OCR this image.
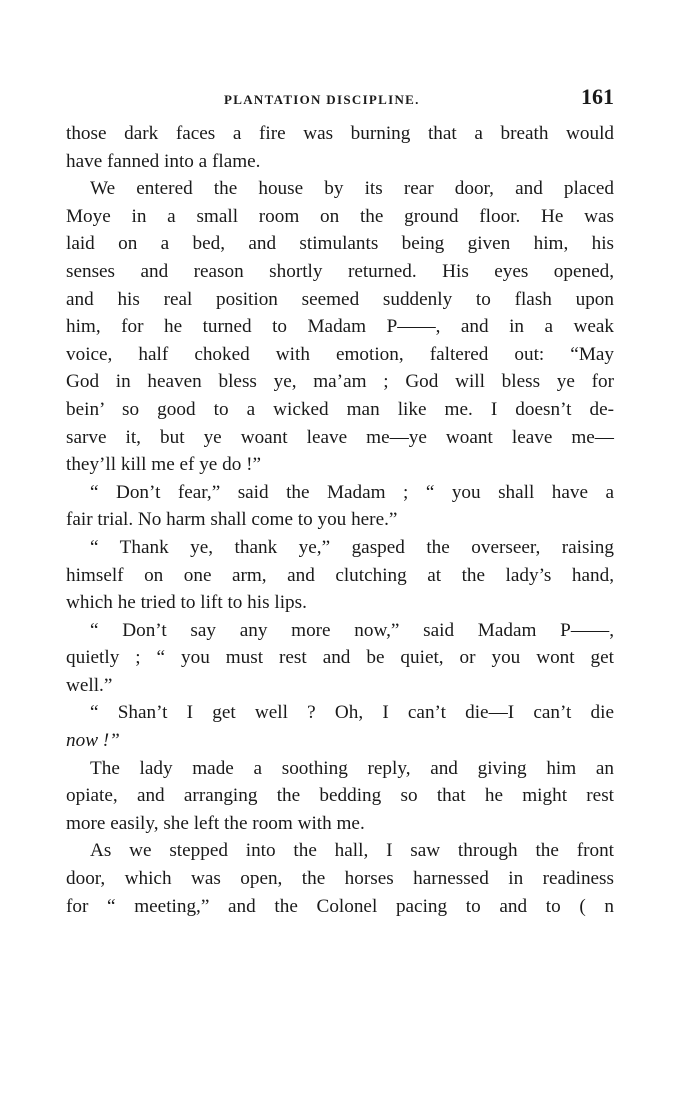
PLANTATION DISCIPLINE.	161
those dark faces a fire was burning that a breath would
have fanned into a flame.
We entered the house by its rear door, and placed
Moye in a small room on the ground floor. He was
laid on a bed, and stimulants being given him, his
senses and reason shortly returned. His eyes opened,
and his real position seemed suddenly to flash upon
him, for he turned to Madam P——, and in a weak
voice, half choked with emotion, faltered out: “May
God in heaven bless ye, ma’am ; God will bless ye for
bein’ so good to a wicked man like me. I doesn’t de-
sarve it, but ye woant leave me—ye woant leave me—
they’ll kill me ef ye do !”
“ Don’t fear,” said the Madam ; “ you shall have a
fair trial. No harm shall come to you here.”
“ Thank ye, thank ye,” gasped the overseer, raising
himself on one arm, and clutching at the lady’s hand,
which he tried to lift to his lips.
“ Don’t say any more now,” said Madam P——,
quietly ; “ you must rest and be quiet, or you wont get
well.”
“ Shan’t I get well ? Oh, I can’t die—I can’t die
now !”
The lady made a soothing reply, and giving him an
opiate, and arranging the bedding so that he might rest
more easily, she left the room with me.
As we stepped into the hall, I saw through the front
door, which was open, the horses harnessed in readiness
for “ meeting,” and the Colonel pacing to and to ( n
